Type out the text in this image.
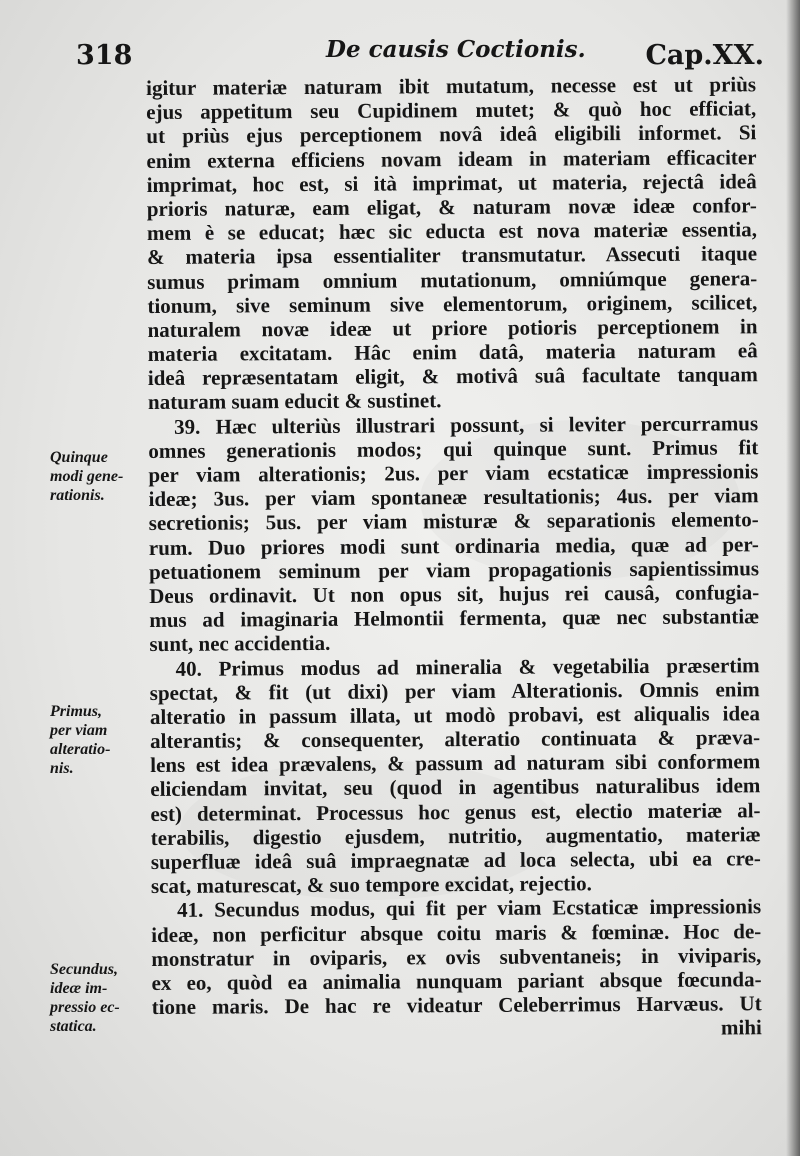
318	De causis Coctionis. Cap.XX.
igitur materiæ naturam ibit mutatum, necesse est ut priùs
ejus appetitum seu Cupidinem mutet; & quò hoc efficiat,
ut priùs ejus perceptionem novâ ideâ eligibili informet. Si
enim externa efficiens novam ideam in materiam efficaciter
imprimat, hoc est, si ità imprimat, ut materia, rejectâ ideâ
prioris naturæ, eam eligat, & naturam novæ ideæ confor-
mem è se educat; hæc sic educta est nova materiæ essentia,
& materia ipsa essentialiter transmutatur. Assecuti itaque
sumus primam omnium mutationum, omniúmque genera-
tionum, sive seminum sive elementorum, originem, scilicet,
naturalem novæ ideæ ut priore potioris perceptionem in
materia excitatam. Hâc enim datâ, materia naturam eâ
ideâ repræsentatam eligit, & motivâ suâ facultate tanquam
naturam suam educit & sustinet.
39. Hæc ulteriùs illustrari possunt, si leviter percurramus
omnes generationis modos; qui quinque sunt. Primus fit
per viam alterationis; 2us. per viam ecstaticæ impressionis
ideæ; 3us. per viam spontaneæ resultationis; 4us. per viam
secretionis; 5us. per viam misturæ & separationis elemento-
rum. Duo priores modi sunt ordinaria media, quæ ad per-
petuationem seminum per viam propagationis sapientissimus
Deus ordinavit. Ut non opus sit, hujus rei causâ, confugia-
mus ad imaginaria Helmontii fermenta, quæ nec substantiæ
sunt, nec accidentia.
40. Primus modus ad mineralia & vegetabilia præsertim
spectat, & fit (ut dixi) per viam Alterationis. Omnis enim
alteratio in passum illata, ut modò probavi, est aliqualis idea
alterantis; & consequenter, alteratio continuata & præva-
lens est idea prævalens, & passum ad naturam sibi conformem
eliciendam invitat, seu (quod in agentibus naturalibus idem
est) determinat. Processus hoc genus est, electio materiæ al-
terabilis, digestio ejusdem, nutritio, augmentatio, materiæ
superfluæ ideâ suâ impraegnatæ ad loca selecta, ubi ea cre-
scat, maturescat, & suo tempore excidat, rejectio.
41. Secundus modus, qui fit per viam Ecstaticæ impressionis
ideæ, non perficitur absque coitu maris & fœminæ. Hoc de-
monstratur in oviparis, ex ovis subventaneis; in viviparis,
ex eo, quòd ea animalia nunquam pariant absque fœcunda-
tione maris. De hac re videatur Celeberrimus Harvæus. Ut
mihi
Quinque
modi gene-
rationis.
Primus,
per viam
alteratio-
nis.
Secundus,
ideæ im-
pressio ec-
statica.
